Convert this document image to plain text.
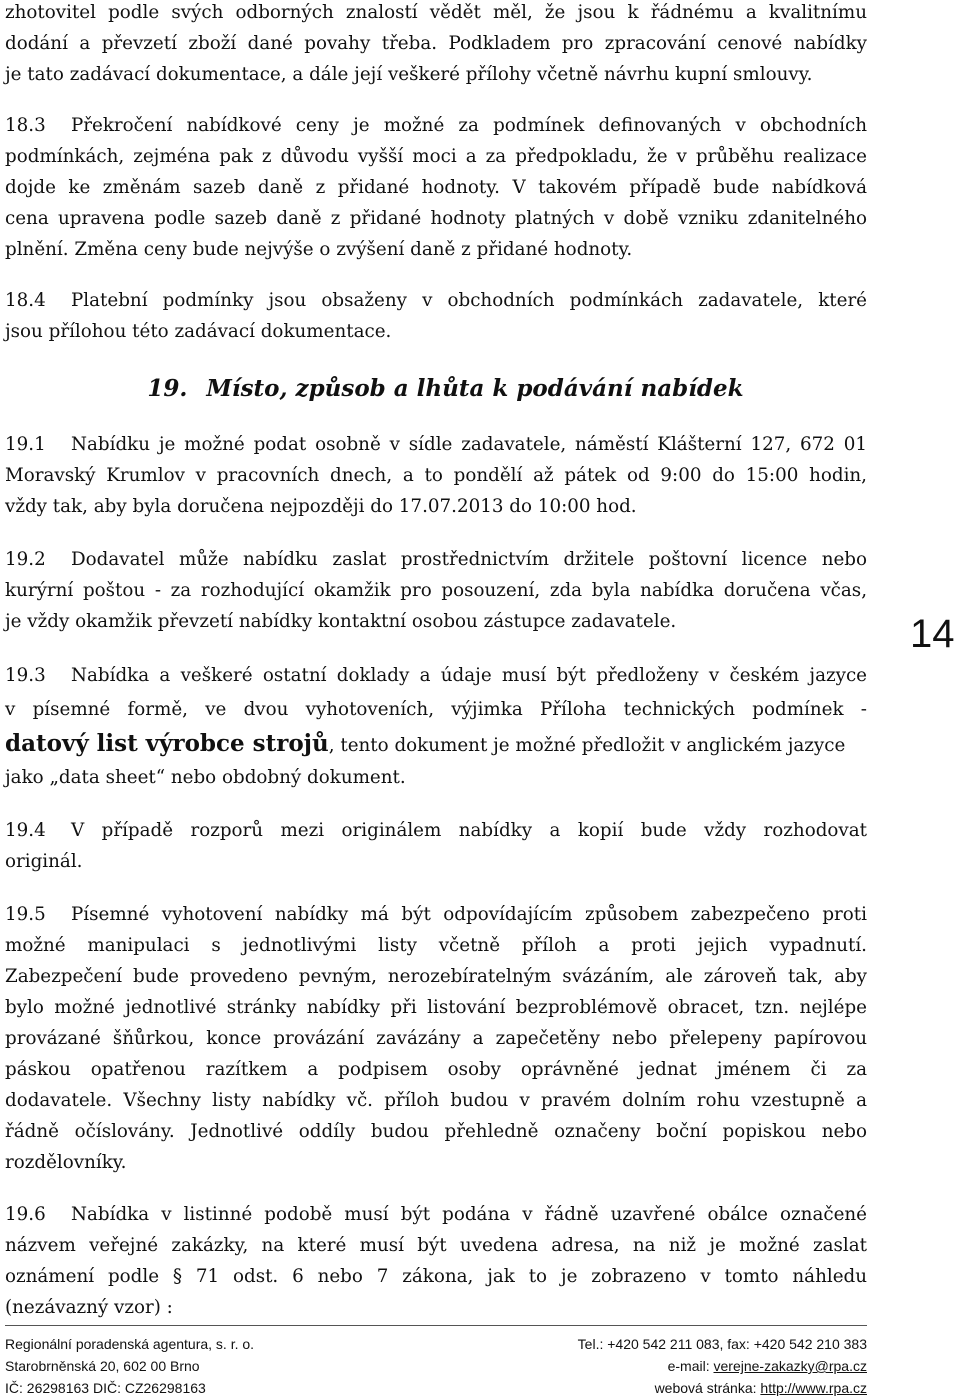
zhotovitel podle svých odborných znalostí vědět měl, že jsou k řádnému a kvalitnímu
dodání a převzetí zboží dané povahy třeba. Podkladem pro zpracování cenové nabídky
je tato zadávací dokumentace, a dále její veškeré přílohy včetně návrhu kupní smlouvy.
18.3 Překročení nabídkové ceny je možné za podmínek definovaných v obchodních
podmínkách, zejména pak z důvodu vyšší moci a za předpokladu, že v průběhu realizace
dojde ke změnám sazeb daně z přidané hodnoty. V takovém případě bude nabídková
cena upravena podle sazeb daně z přidané hodnoty platných v době vzniku zdanitelného
plnění. Změna ceny bude nejvýše o zvýšení daně z přidané hodnoty.
18.4 Platební podmínky jsou obsaženy v obchodních podmínkách zadavatele, které
jsou přílohou této zadávací dokumentace.
19. Místo, způsob a lhůta k podávání nabídek
19.1 Nabídku je možné podat osobně v sídle zadavatele, náměstí Klášterní 127, 672 01
Moravský Krumlov v pracovních dnech, a to pondělí až pátek od 9:00 do 15:00 hodin,
vždy tak, aby byla doručena nejpozději do 17.07.2013 do 10:00 hod.
19.2 Dodavatel může nabídku zaslat prostřednictvím držitele poštovní licence nebo
kurýrní poštou - za rozhodující okamžik pro posouzení, zda byla nabídka doručena včas,
je vždy okamžik převzetí nabídky kontaktní osobou zástupce zadavatele.
19.3 Nabídka a veškeré ostatní doklady a údaje musí být předloženy v českém jazyce
v písemné formě, ve dvou vyhotoveních, výjimka Příloha technických podmínek -
datový list výrobce strojů, tento dokument je možné předložit v anglickém jazyce
jako „data sheet“ nebo obdobný dokument.
19.4 V případě rozporů mezi originálem nabídky a kopií bude vždy rozhodovat
originál.
19.5 Písemné vyhotovení nabídky má být odpovídajícím způsobem zabezpečeno proti
možné manipulaci s jednotlivými listy včetně příloh a proti jejich vypadnutí.
Zabezpečení bude provedeno pevným, nerozebíratelným svázáním, ale zároveň tak, aby
bylo možné jednotlivé stránky nabídky při listování bezproblémově obracet, tzn. nejlépe
provázané šňůrkou, konce provázání zavázány a zapečetěny nebo přelepeny papírovou
páskou opatřenou razítkem a podpisem osoby oprávněné jednat jménem či za
dodavatele. Všechny listy nabídky vč. příloh budou v pravém dolním rohu vzestupně a
řádně očíslovány. Jednotlivé oddíly budou přehledně označeny boční popiskou nebo
rozdělovníky.
19.6 Nabídka v listinné podobě musí být podána v řádně uzavřené obálce označené
názvem veřejné zakázky, na které musí být uvedena adresa, na niž je možné zaslat
oznámení podle § 71 odst. 6 nebo 7 zákona, jak to je zobrazeno v tomto náhledu
(nezávazný vzor) :
14
Regionální poradenská agentura, s. r. o.
Starobrněnská 20, 602 00 Brno
IČ: 26298163 DIČ: CZ26298163
Tel.: +420 542 211 083, fax: +420 542 210 383
e-mail: verejne-zakazky@rpa.cz
webová stránka: http://www.rpa.cz
